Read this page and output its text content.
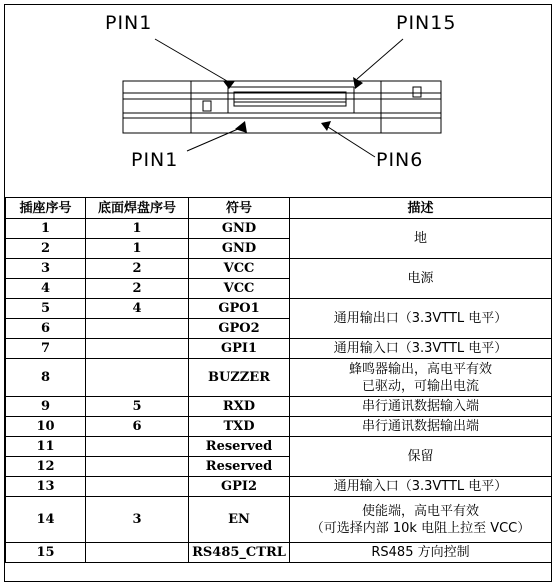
PIN1	PIN15
PIN1	PIN6
插座序号	底面焊盘序号	符号	描述
1	1	GND	地
2	1	GND	
3	2	VCC	电源
4	2	VCC	
5	4	GPO1	通用输出口（3.3VTTL 电平）
6		GPO2	
7		GPI1	通用输入口（3.3VTTL 电平）
8		BUZZER	蜂鸣器输出，高电平有效
已驱动，可输出电流

9	5	RXD	串行通讯数据输入端
10	6	TXD	串行通讯数据输出端
11		Reserved	保留
12		Reserved	
13		GPI2	通用输入口（3.3VTTL 电平）
14	3	EN	使能端，高电平有效
（可选择内部 10k 电阻上拉至 VCC）

15		RS485_CTRL	RS485 方向控制
